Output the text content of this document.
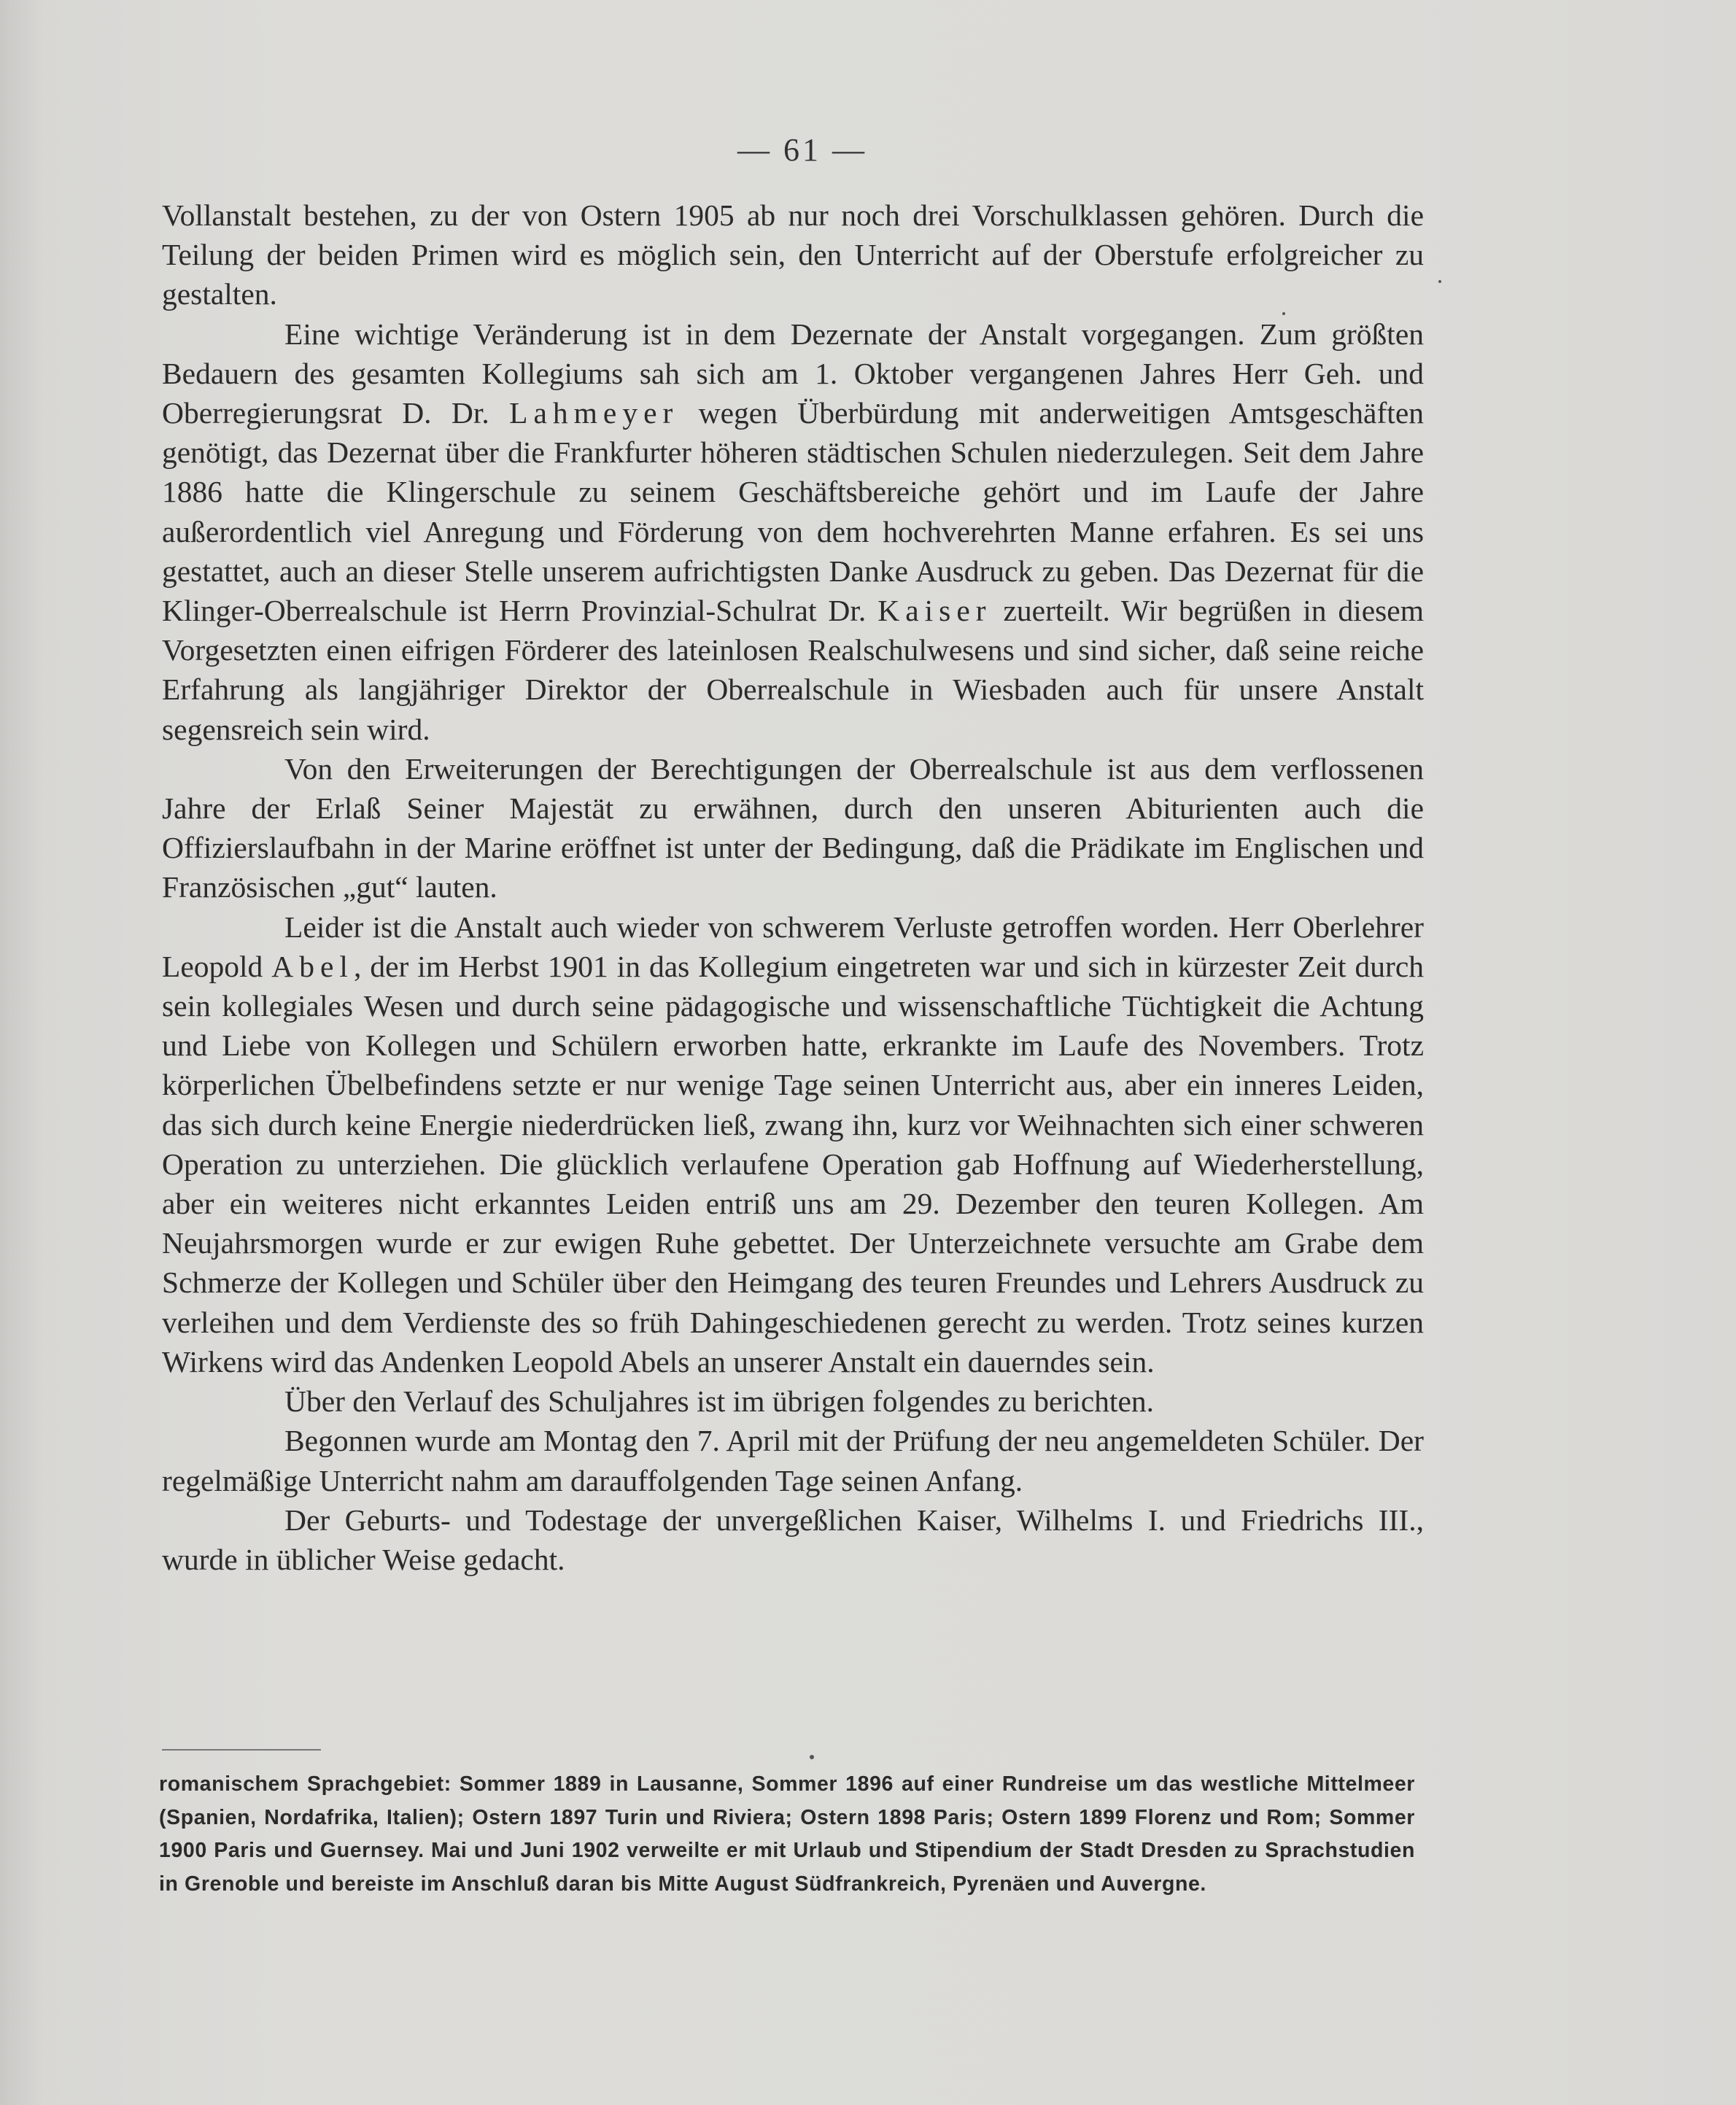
— 61 —

Vollanstalt bestehen, zu der von Ostern 1905 ab nur noch drei Vorschulklassen gehören. Durch die Teilung der beiden Primen wird es möglich sein, den Unterricht auf der Oberstufe erfolgreicher zu gestalten.

Eine wichtige Veränderung ist in dem Dezernate der Anstalt vorgegangen. Zum größten Bedauern des gesamten Kollegiums sah sich am 1. Oktober vergangenen Jahres Herr Geh. und Oberregierungsrat D. Dr. Lahmeyer wegen Überbürdung mit anderweitigen Amtsgeschäften genötigt, das Dezernat über die Frankfurter höheren städtischen Schulen niederzulegen. Seit dem Jahre 1886 hatte die Klingerschule zu seinem Geschäftsbereiche gehört und im Laufe der Jahre außerordentlich viel Anregung und Förderung von dem hochverehrten Manne erfahren. Es sei uns gestattet, auch an dieser Stelle unserem aufrichtigsten Danke Ausdruck zu geben. Das Dezernat für die Klinger-Oberrealschule ist Herrn Provinzial-Schulrat Dr. Kaiser zuerteilt. Wir begrüßen in diesem Vorgesetzten einen eifrigen Förderer des lateinlosen Realschulwesens und sind sicher, daß seine reiche Erfahrung als langjähriger Direktor der Oberrealschule in Wiesbaden auch für unsere Anstalt segensreich sein wird.

Von den Erweiterungen der Berechtigungen der Oberrealschule ist aus dem verflossenen Jahre der Erlaß Seiner Majestät zu erwähnen, durch den unseren Abiturienten auch die Offizierslaufbahn in der Marine eröffnet ist unter der Bedingung, daß die Prädikate im Englischen und Französischen „gut“ lauten.

Leider ist die Anstalt auch wieder von schwerem Verluste getroffen worden. Herr Oberlehrer Leopold Abel, der im Herbst 1901 in das Kollegium eingetreten war und sich in kürzester Zeit durch sein kollegiales Wesen und durch seine pädagogische und wissenschaftliche Tüchtigkeit die Achtung und Liebe von Kollegen und Schülern erworben hatte, erkrankte im Laufe des Novembers. Trotz körperlichen Übelbefindens setzte er nur wenige Tage seinen Unterricht aus, aber ein inneres Leiden, das sich durch keine Energie niederdrücken ließ, zwang ihn, kurz vor Weihnachten sich einer schweren Operation zu unterziehen. Die glücklich verlaufene Operation gab Hoffnung auf Wiederherstellung, aber ein weiteres nicht erkanntes Leiden entriß uns am 29. Dezember den teuren Kollegen. Am Neujahrsmorgen wurde er zur ewigen Ruhe gebettet. Der Unterzeichnete versuchte am Grabe dem Schmerze der Kollegen und Schüler über den Heimgang des teuren Freundes und Lehrers Ausdruck zu verleihen und dem Verdienste des so früh Dahingeschiedenen gerecht zu werden. Trotz seines kurzen Wirkens wird das Andenken Leopold Abels an unserer Anstalt ein dauerndes sein.

Über den Verlauf des Schuljahres ist im übrigen folgendes zu berichten.

Begonnen wurde am Montag den 7. April mit der Prüfung der neu angemeldeten Schüler. Der regelmäßige Unterricht nahm am darauffolgenden Tage seinen Anfang.

Der Geburts- und Todestage der unvergeßlichen Kaiser, Wilhelms I. und Friedrichs III., wurde in üblicher Weise gedacht.

romanischem Sprachgebiet: Sommer 1889 in Lausanne, Sommer 1896 auf einer Rundreise um das westliche Mittelmeer (Spanien, Nordafrika, Italien); Ostern 1897 Turin und Riviera; Ostern 1898 Paris; Ostern 1899 Florenz und Rom; Sommer 1900 Paris und Guernsey. Mai und Juni 1902 verweilte er mit Urlaub und Stipendium der Stadt Dresden zu Sprachstudien in Grenoble und bereiste im Anschluß daran bis Mitte August Südfrankreich, Pyrenäen und Auvergne.
